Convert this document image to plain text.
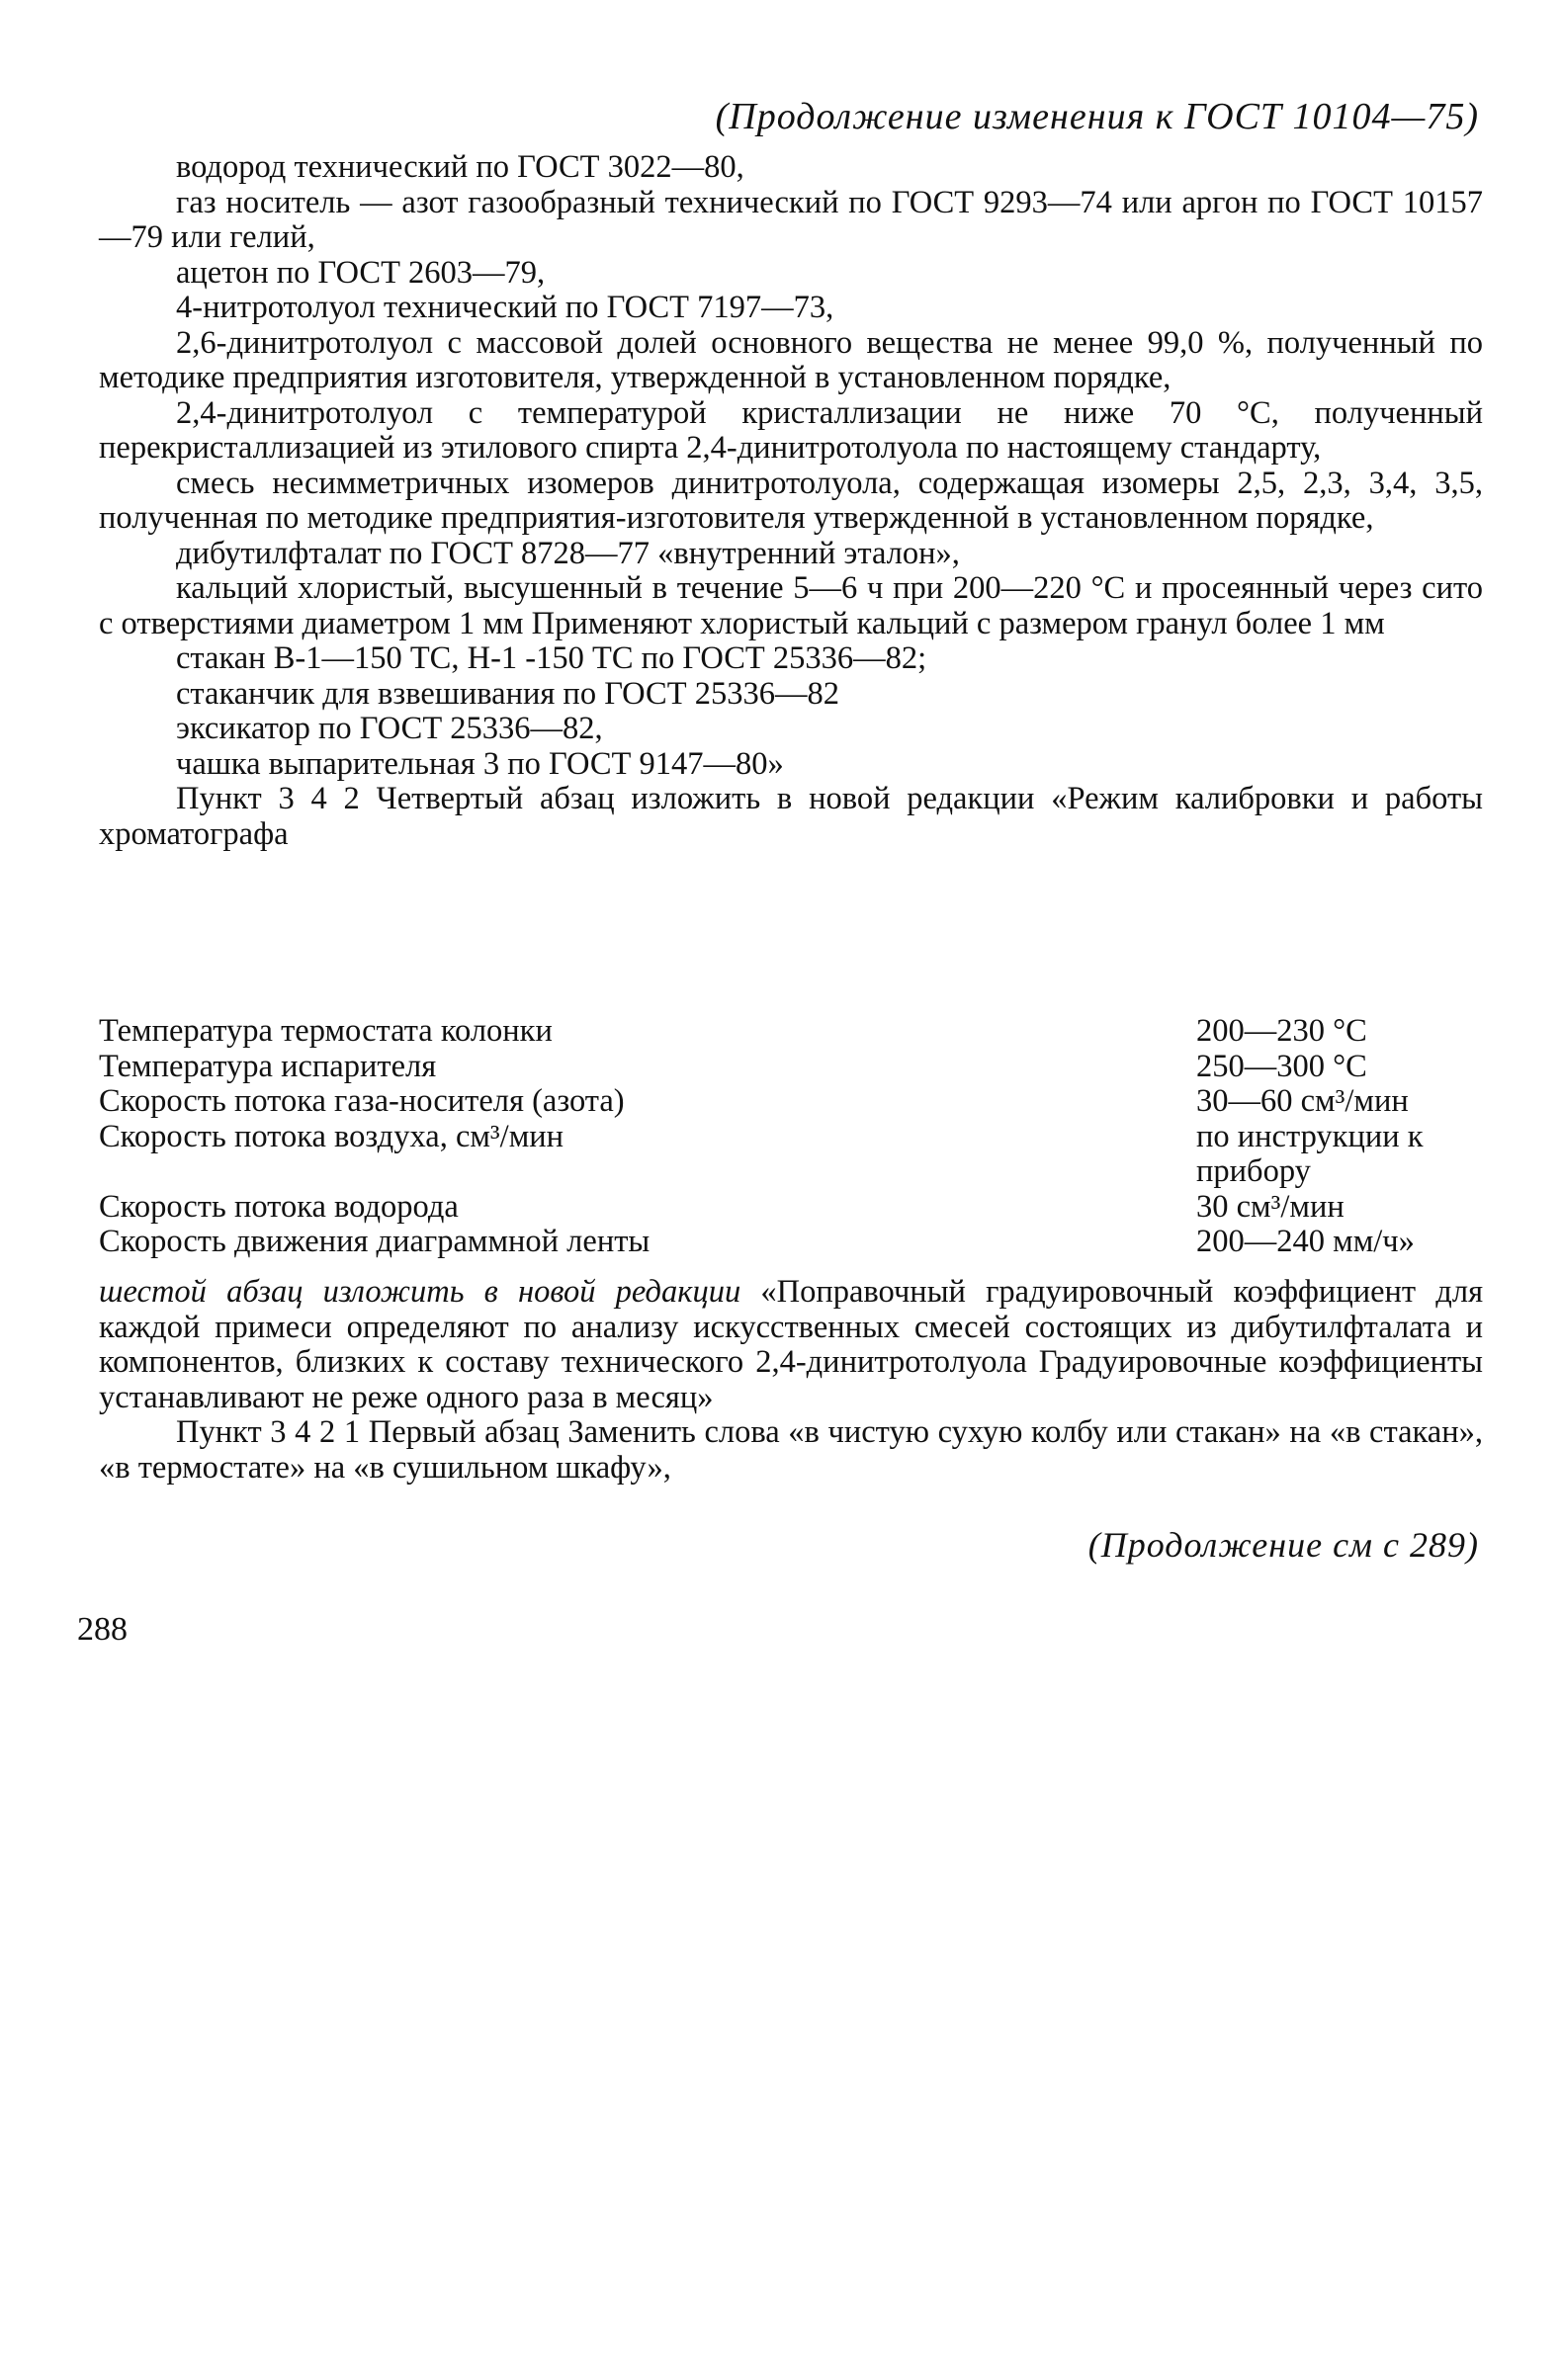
(Продолжение изменения к ГОСТ 10104—75)

водород технический по ГОСТ 3022—80,

газ носитель — азот газообразный технический по ГОСТ 9293—74 или аргон по ГОСТ 10157—79 или гелий,

ацетон по ГОСТ 2603—79,

4-нитротолуол технический по ГОСТ 7197—73,

2,6-динитротолуол с массовой долей основного вещества не менее 99,0 %, полученный по методике предприятия изготовителя, утвержденной в установленном порядке,

2,4-динитротолуол с температурой кристаллизации не ниже 70 °С, полученный перекристаллизацией из этилового спирта 2,4-динитротолуола по настоящему стандарту,

смесь несимметричных изомеров динитротолуола, содержащая изомеры 2,5, 2,3, 3,4, 3,5, полученная по методике предприятия-изготовителя утвержденной в установленном порядке,

дибутилфталат по ГОСТ 8728—77 «внутренний эталон»,

кальций хлористый, высушенный в течение 5—6 ч при 200—220 °С и просеянный через сито с отверстиями диаметром 1 мм Применяют хлористый кальций с размером гранул более 1 мм

стакан В-1—150 ТС, Н-1 -150 ТС по ГОСТ 25336—82;

стаканчик для взвешивания по ГОСТ 25336—82

эксикатор по ГОСТ 25336—82,

чашка выпарительная 3 по ГОСТ 9147—80»

Пункт 3 4 2 Четвертый абзац изложить в новой редакции «Режим калибровки и работы хроматографа

Температура термостата колонки	200—230 °С
Температура испарителя	250—300 °С
Скорость потока газа-носителя (азота)	30—60 см³/мин
Скорость потока воздуха, см³/мин	по инструкции к прибору
Скорость потока водорода	30 см³/мин
Скорость движения диаграммной ленты	200—240 мм/ч»

шестой абзац изложить в новой редакции «Поправочный градуировочный коэффициент для каждой примеси определяют по анализу искусственных смесей состоящих из дибутилфталата и компонентов, близких к составу технического 2,4-динитротолуола Градуировочные коэффициенты устанавливают не реже одного раза в месяц»

Пункт 3 4 2 1 Первый абзац Заменить слова «в чистую сухую колбу или стакан» на «в стакан», «в термостате» на «в сушильном шкафу»,

(Продолжение см с 289)
288
